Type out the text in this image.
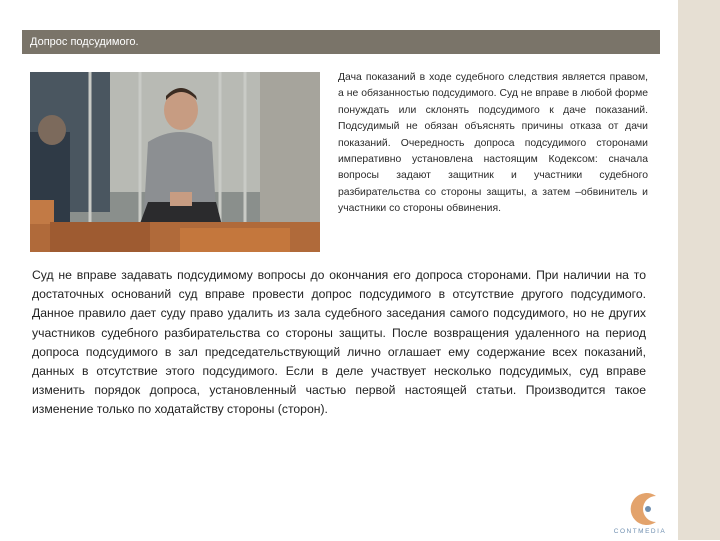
Допрос подсудимого.

Дача показаний в ходе судебного следствия является правом, а не обязанностью подсудимого. Суд не вправе в любой форме понуждать или склонять подсудимого к даче показаний. Подсудимый не обязан объяснять причины отказа от дачи показаний. Очередность допроса подсудимого сторонами императивно установлена настоящим Кодексом: сначала вопросы задают защитник и участники судебного разбирательства со стороны защиты, а затем –обвинитель и участники со стороны обвинения.

Суд не вправе задавать подсудимому вопросы до окончания его допроса сторонами. При наличии на то достаточных оснований суд вправе провести допрос подсудимого в отсутствие другого подсудимого. Данное правило дает суду право удалить из зала судебного заседания самого подсудимого, но не других участников судебного разбирательства со стороны защиты. После возвращения удаленного на период допроса подсудимого в зал председательствующий лично оглашает ему содержание всех показаний, данных в отсутствие этого подсудимого. Если в деле участвует несколько подсудимых, суд вправе изменить порядок допроса, установленный частью первой настоящей статьи. Производится такое изменение только по ходатайству стороны (сторон).

CONTMEDIA
